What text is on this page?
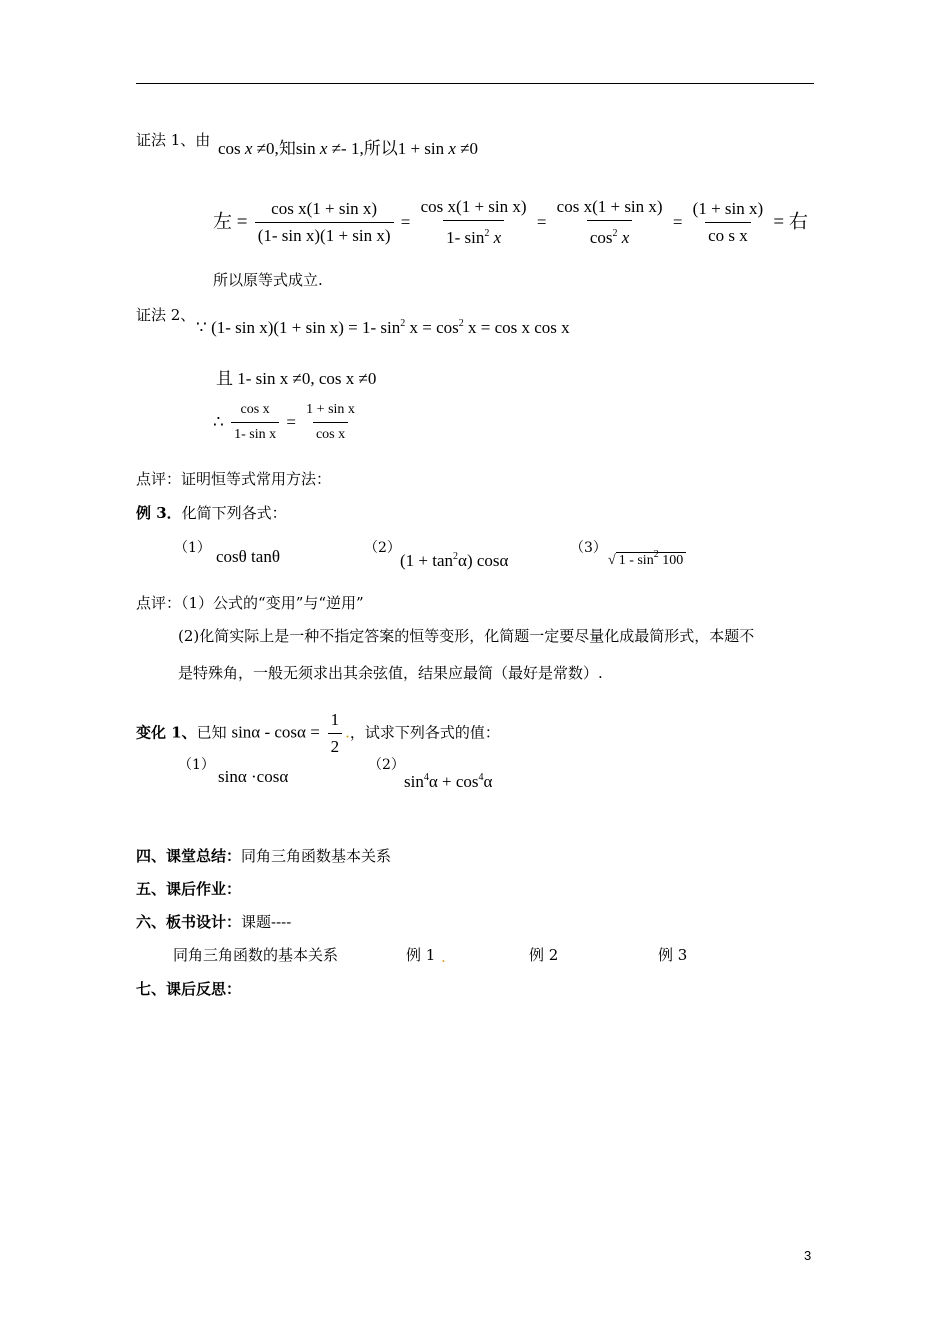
证法 1、由 cos x ≠0,知sin x ≠- 1,所以1 + sin x ≠0
左 = $\frac{\text{cos x(1 + sin x)}}{\text{(1- sin x)(1 + sin x)}} = \frac{\text{cos x(1 + sin x)}}{1- \sin^2 x} = \frac{\text{cos x(1 + sin x)}}{\cos^2 x} = \frac{\text{(1 + sin x)}}{\text{co s x}}$ = 右
所以原等式成立.
证法 2、
∵ (1- sin x)(1 + sin x) = 1- $\sin^2 x = \cos^2 x = \cos x$ cos x
且 1- sin x ≠0, cos x ≠0
∴ $\frac{\text{cos x}}{\text{1- sin x}} = \frac{\text{1 + sin x}}{\text{cos x}}$
点评：证明恒等式常用方法：
例 3．化简下列各式：
（1） cosθ tanθ	（2）
$(1 + \tan^2\alpha)$ cosα
（3）
√ $1 - \sin^2 100$
点评：（1）公式的“变用”与“逆用”
(2)化简实际上是一种不指定答案的恒等变形，化简题一定要尽量化成最简形式，本题不
是特殊角，一般无须求出其余弦值，结果应最简（最好是常数）.
变化 1、已知 $\sin\alpha - \cos\alpha = \frac{1}{2}$ .，试求下列各式的值：
（1）
sinα ·cosα
（2）
$\sin^4\alpha + \cos^4\alpha$
四、课堂总结：同角三角函数基本关系
五、课后作业：
六、板书设计：课题----
同角三角函数的基本关系	例 1 .	例 2	例 3
七、课后反思：
3
